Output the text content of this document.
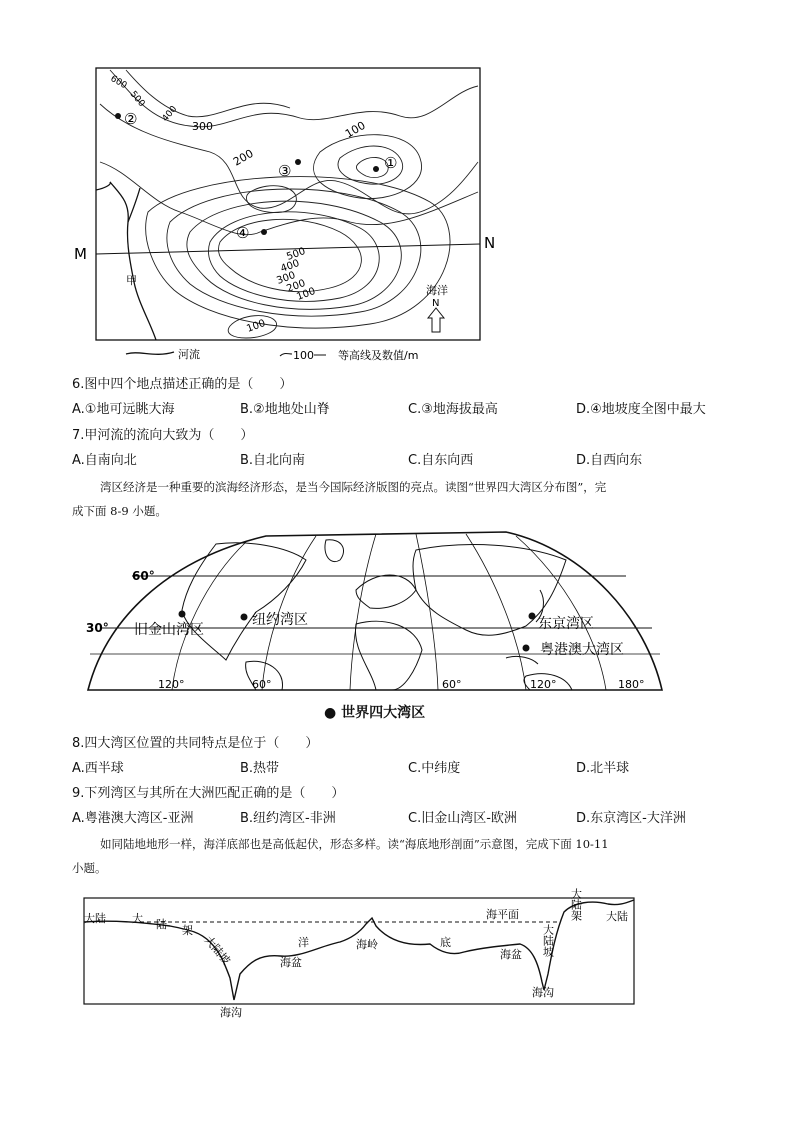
①
②
③
④
600
500
400
300
200
100
500
400
300
200
100
100
M
N
甲
海洋
N
河流	100 等高线及数值/m
6.图中四个地点描述正确的是（　　）
A.①地可远眺大海	B.②地地处山脊	C.③地海拔最高	D.④地坡度全图中最大
7.甲河流的流向大致为（　　）
A.自南向北	B.自北向南	C.自东向西	D.自西向东
湾区经济是一种重要的滨海经济形态，是当今国际经济版图的亮点。读图“世界四大湾区分布图”，完
成下面 8-9 小题。
60°
30° 旧金山湾区
纽约湾区	东京湾区
粤港澳大湾区
120°	60°	60°	120°	180°
● 世界四大湾区
8.四大湾区位置的共同特点是位于（　　）
A.西半球	B.热带	C.中纬度	D.北半球
9.下列湾区与其所在大洲匹配正确的是（　　）
A.粤港澳大湾区-亚洲	B.纽约湾区-非洲	C.旧金山湾区-欧洲	D.东京湾区-大洋洲
如同陆地地形一样，海洋底部也是高低起伏，形态多样。读“海底地形剖面”示意图，完成下面 10-11
小题。
大陆 大 陆 架
大陆坡	洋
海盆
海岭	底
海平面
海盆 大陆坡
大陆架 大陆
海沟
海沟
